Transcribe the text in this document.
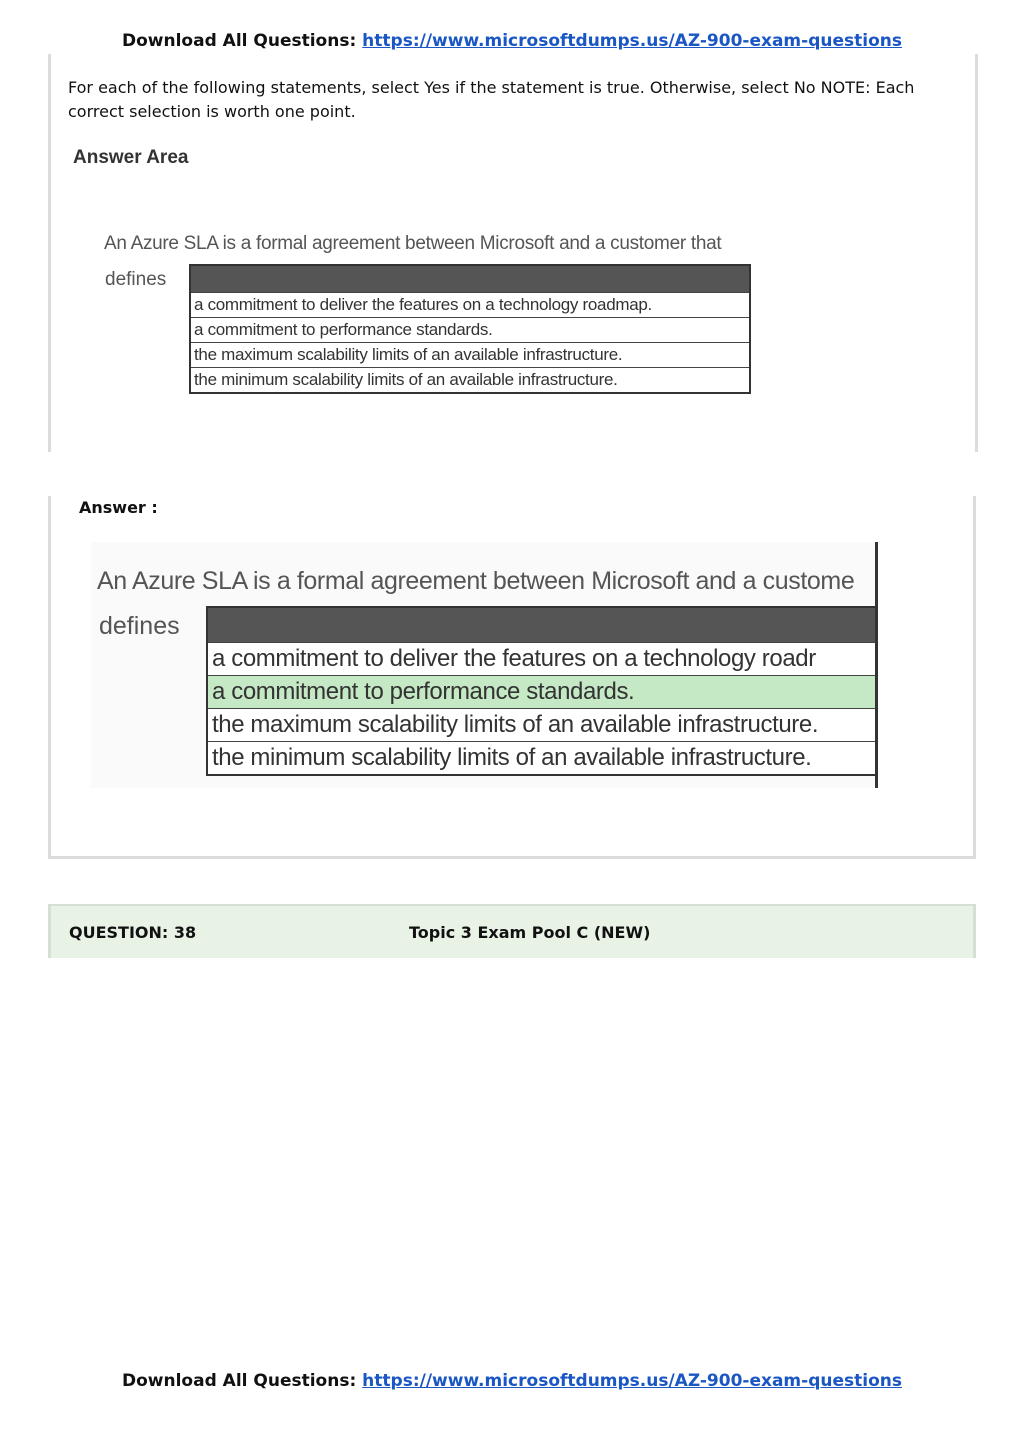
Download All Questions: https://www.microsoftdumps.us/AZ-900-exam-questions
For each of the following statements, select Yes if the statement is true. Otherwise, select No NOTE: Each correct selection is worth one point.
Answer Area
An Azure SLA is a formal agreement between Microsoft and a customer that
defines
a commitment to deliver the features on a technology roadmap.
a commitment to performance standards.
the maximum scalability limits of an available infrastructure.
the minimum scalability limits of an available infrastructure.
Answer :
An Azure SLA is a formal agreement between Microsoft and a custome
defines
a commitment to deliver the features on a technology roadr
a commitment to performance standards.
the maximum scalability limits of an available infrastructure.
the minimum scalability limits of an available infrastructure.
QUESTION: 38	Topic 3 Exam Pool C (NEW)
Download All Questions: https://www.microsoftdumps.us/AZ-900-exam-questions
